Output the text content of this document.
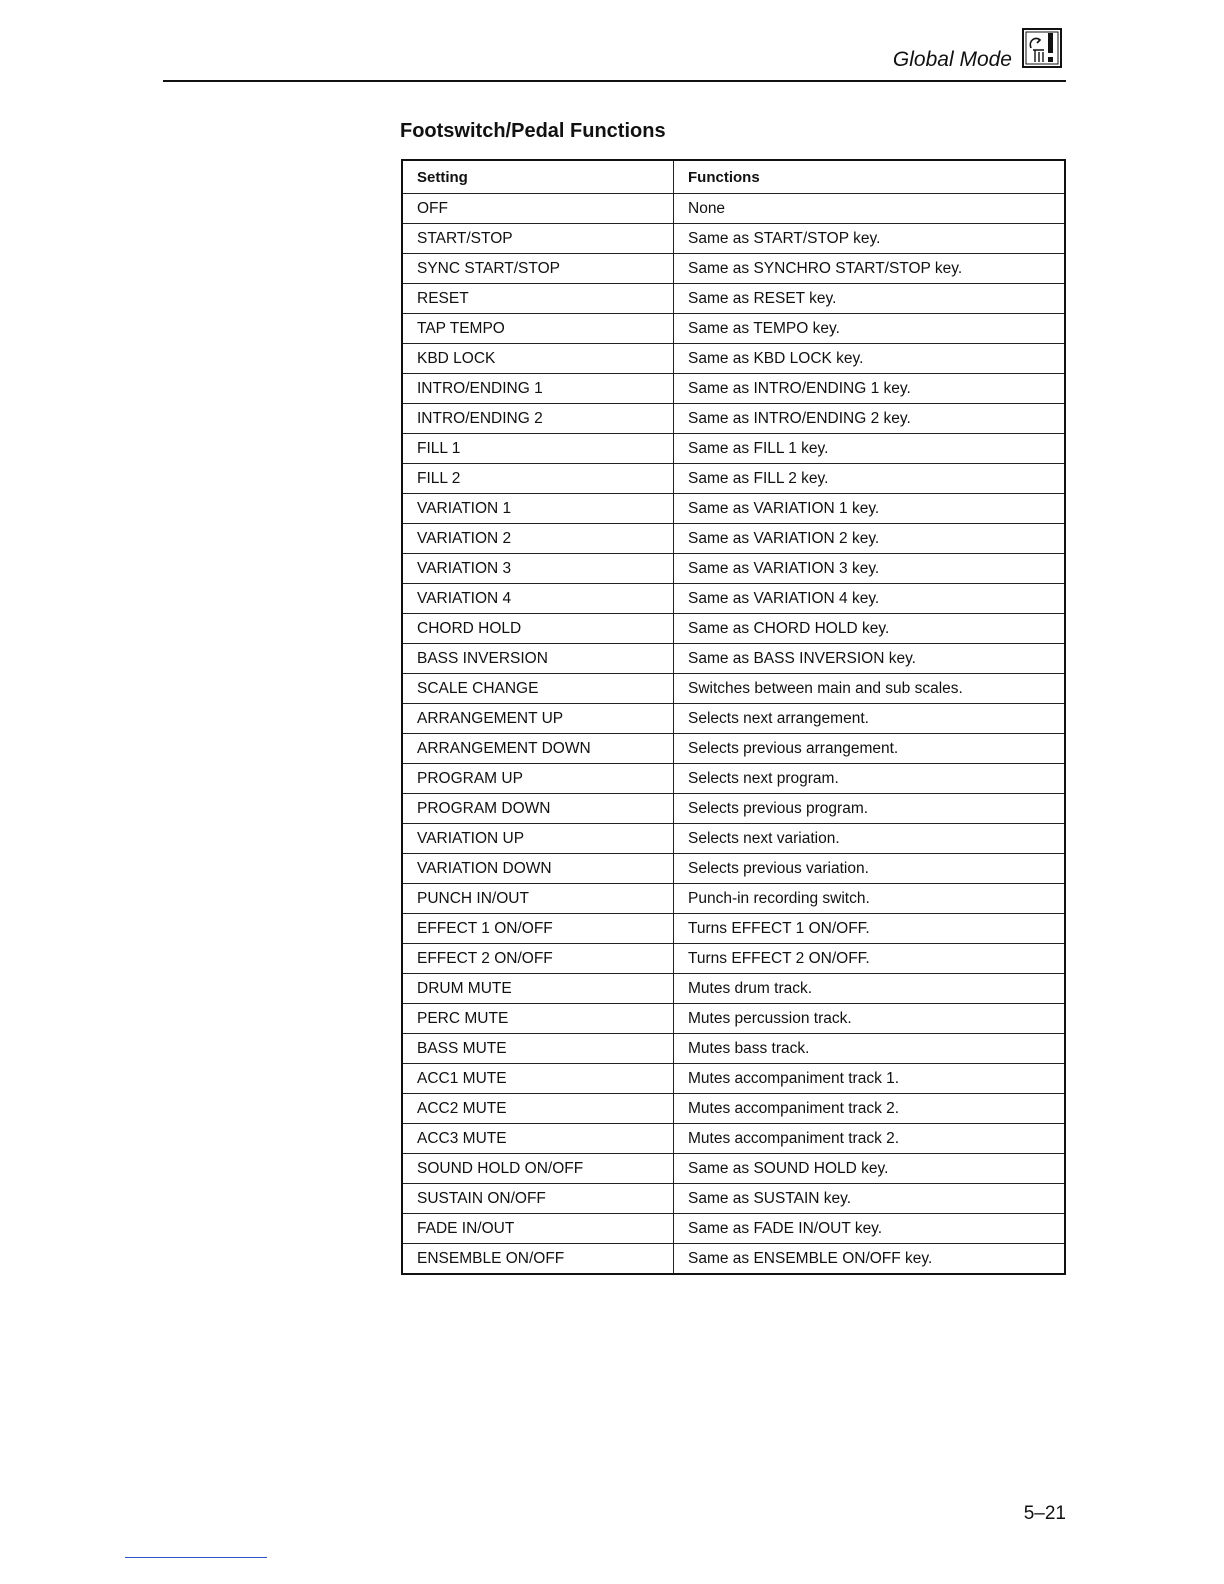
Global Mode
Footswitch/Pedal Functions
Setting	Functions
OFF	None
START/STOP	Same as START/STOP key.
SYNC START/STOP	Same as SYNCHRO START/STOP key.
RESET	Same as RESET key.
TAP TEMPO	Same as TEMPO key.
KBD LOCK	Same as KBD LOCK key.
INTRO/ENDING 1	Same as INTRO/ENDING 1 key.
INTRO/ENDING 2	Same as INTRO/ENDING 2 key.
FILL 1	Same as FILL 1 key.
FILL 2	Same as FILL 2 key.
VARIATION 1	Same as VARIATION 1 key.
VARIATION 2	Same as VARIATION 2 key.
VARIATION 3	Same as VARIATION 3 key.
VARIATION 4	Same as VARIATION 4 key.
CHORD HOLD	Same as CHORD HOLD key.
BASS INVERSION	Same as BASS INVERSION key.
SCALE CHANGE	Switches between main and sub scales.
ARRANGEMENT UP	Selects next arrangement.
ARRANGEMENT DOWN	Selects previous arrangement.
PROGRAM UP	Selects next program.
PROGRAM DOWN	Selects previous program.
VARIATION UP	Selects next variation.
VARIATION DOWN	Selects previous variation.
PUNCH IN/OUT	Punch-in recording switch.
EFFECT 1 ON/OFF	Turns EFFECT 1 ON/OFF.
EFFECT 2 ON/OFF	Turns EFFECT 2 ON/OFF.
DRUM MUTE	Mutes drum track.
PERC MUTE	Mutes percussion track.
BASS MUTE	Mutes bass track.
ACC1 MUTE	Mutes accompaniment track 1.
ACC2 MUTE	Mutes accompaniment track 2.
ACC3 MUTE	Mutes accompaniment track 2.
SOUND HOLD ON/OFF	Same as SOUND HOLD key.
SUSTAIN ON/OFF	Same as SUSTAIN key.
FADE IN/OUT	Same as FADE IN/OUT key.
ENSEMBLE ON/OFF	Same as ENSEMBLE ON/OFF key.
5–21
